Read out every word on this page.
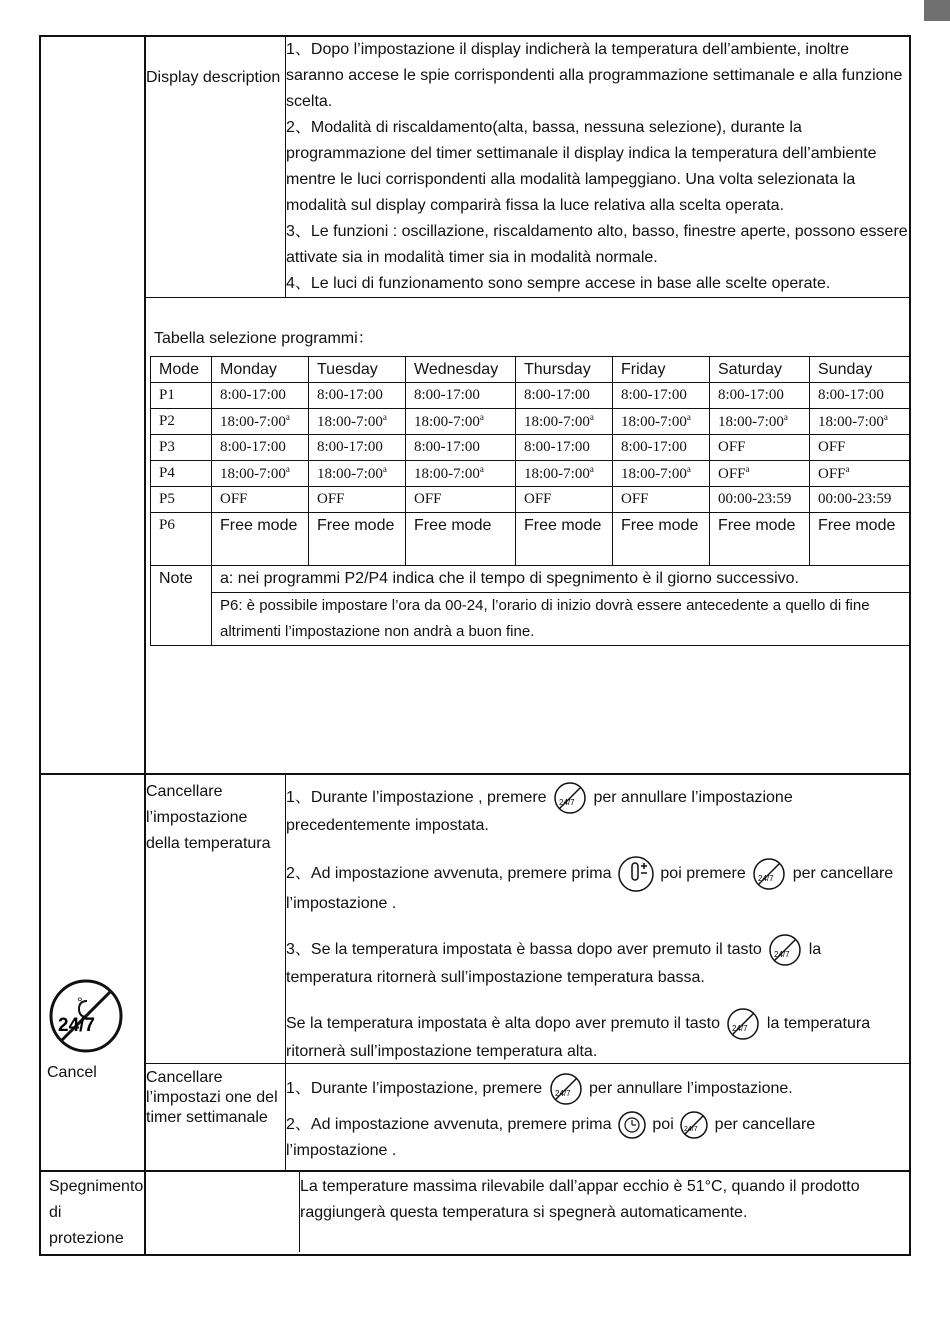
Display description	
1、Dopo l’impostazione il display indicherà la temperatura dell’ambiente, inoltre saranno accese le spie corrispondenti alla programmazione settimanale e alla funzione scelta.
2、Modalità di riscaldamento(alta, bassa, nessuna selezione), durante la programmazione del timer settimanale il display indica la temperatura dell’ambiente mentre le luci corrispondenti alla modalità lampeggiano. Una volta selezionata la modalità sul display comparirà fissa la luce relativa alla scelta operata.
3、Le funzioni : oscillazione, riscaldamento alto, basso, finestre aperte, possono essere attivate sia in modalità timer sia in modalità normale.
4、Le luci di funzionamento sono sempre accese in base alle scelte operate.
Tabella selezione programmi：
Mode	Monday	Tuesday	Wednesday	Thursday	Friday	Saturday	Sunday
P1	8:00-17:00	8:00-17:00	8:00-17:00	8:00-17:00	8:00-17:00	8:00-17:00	8:00-17:00
P2	18:00-7:00$^a$	18:00-7:00$^a$	18:00-7:00$^a$	18:00-7:00$^a$	18:00-7:00$^a$	18:00-7:00$^a$	18:00-7:00$^a$
P3	8:00-17:00	8:00-17:00	8:00-17:00	8:00-17:00	8:00-17:00	OFF	OFF
P4	18:00-7:00$^a$	18:00-7:00$^a$	18:00-7:00$^a$	18:00-7:00$^a$	18:00-7:00$^a$	OFF$^a$	OFF$^a$
P5	OFF	OFF	OFF	OFF	OFF	00:00-23:59	00:00-23:59
P6	Free mode	Free mode	Free mode	Free mode	Free mode	Free mode	Free mode
Note	a: nei programmi P2/P4 indica che il tempo di spegnimento è il giorno successivo.
P6: è possibile impostare l’ora da 00-24, l’orario di inizio dovrà essere antecedente a quello di fine altrimenti l’impostazione non andrà a buon fine.

°
24/7
Cancel

Cancellare l’impostazione della temperatura	
1、Durante l’impostazione , premere 24/7 per annullare l’impostazione precedentemente impostata.
2、Ad impostazione avvenuta, premere prima	poi premere 24/7 per cancellare l’impostazione .
3、Se la temperatura impostata è bassa dopo aver premuto il tasto 24/7 la temperatura ritornerà sull’impostazione temperatura bassa.
Se la temperatura impostata è alta dopo aver premuto il tasto 24/7 la temperatura ritornerà sull’impostazione temperatura alta.

Cancellare l’impostazi one del timer settimanale	
1、Durante l’impostazione, premere 24/7 per annullare l’impostazione.
2、Ad impostazione avvenuta, premere prima	poi 24/7 per cancellare l’impostazione .

Spegnimento di protezione	
	La temperature massima rilevabile dall’appar ecchio è 51°C, quando il prodotto raggiungerà questa temperatura si spegnerà automaticamente.
